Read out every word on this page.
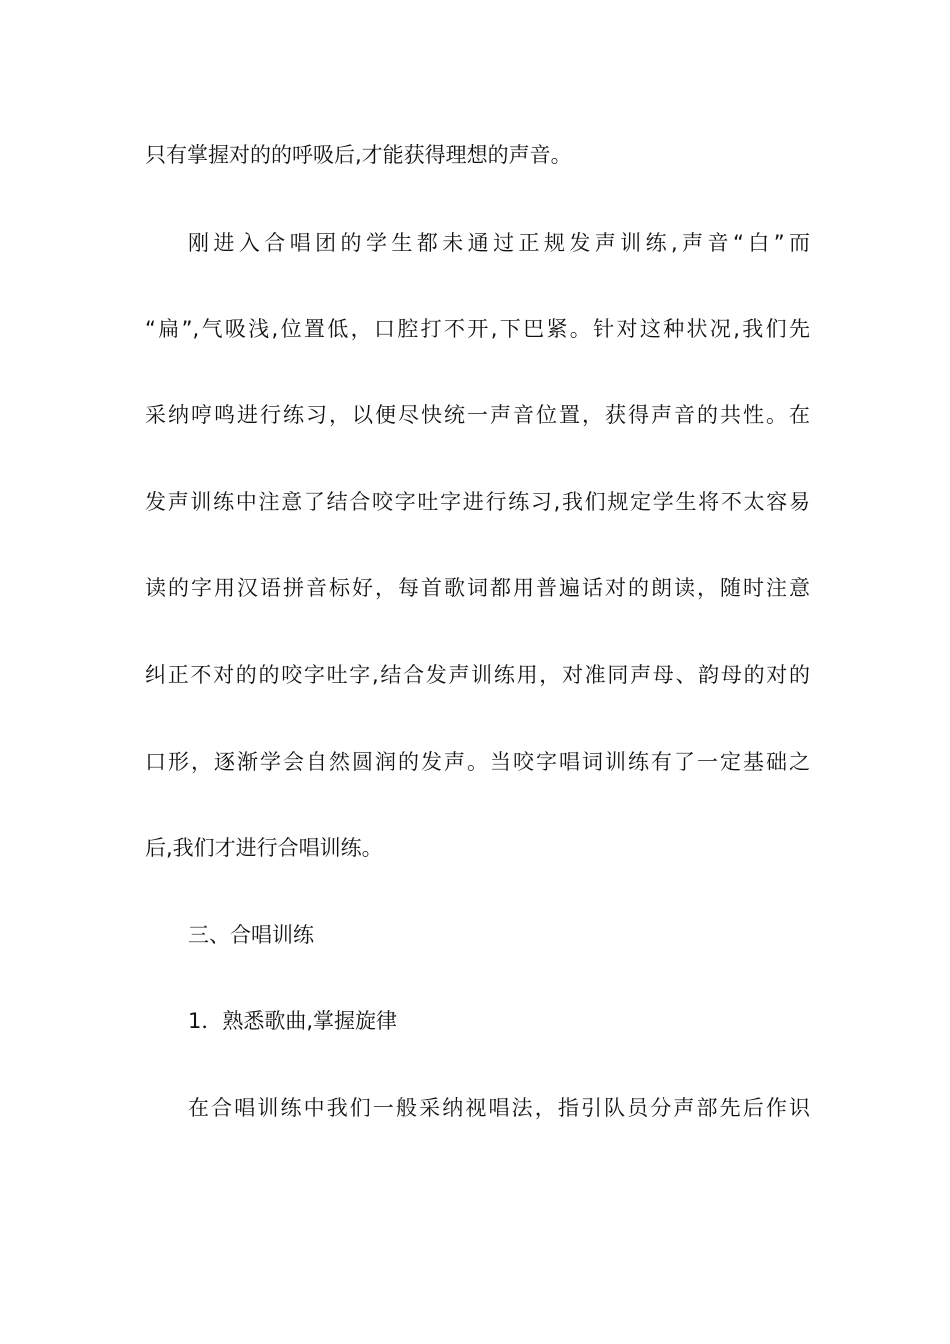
只有掌握对的的呼吸后,才能获得理想的声音。
刚进入合唱团的学生都未通过正规发声训练,声音“白”而
“扁”,气吸浅,位置低，口腔打不开,下巴紧。针对这种状况,我们先
采纳哼鸣进行练习，以便尽快统一声音位置，获得声音的共性。在
发声训练中注意了结合咬字吐字进行练习,我们规定学生将不太容易
读的字用汉语拼音标好，每首歌词都用普遍话对的朗读，随时注意
纠正不对的的咬字吐字,结合发声训练用，对准同声母、韵母的对的
口形，逐渐学会自然圆润的发声。当咬字唱词训练有了一定基础之
后,我们才进行合唱训练。
三、合唱训练
1．熟悉歌曲,掌握旋律
在合唱训练中我们一般采纳视唱法，指引队员分声部先后作识
